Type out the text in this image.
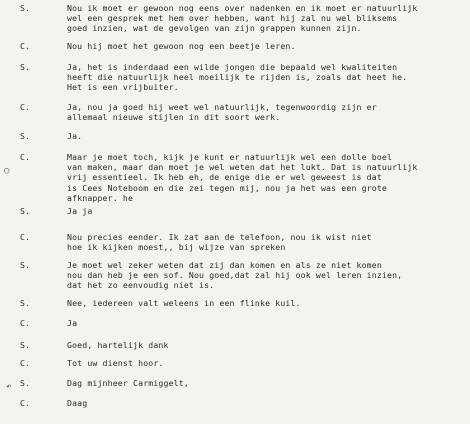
S.	Nou ik moet er gewoon nog eens over nadenken en ik moet er natuurlijk
wel een gesprek met hem over hebben, want hij zal nu wel bliksems
goed inzien, wat de gevolgen van zijn grappen kunnen zijn.
C.	Nou hij moet het gewoon nog een beetje leren.
S.	Ja, het is inderdaad een wilde jongen die bepaald wel kwaliteiten
heeft die natuurlijk heel moeilijk te rijden is, zoals dat heet he.
Het is een vrijbuiter.
C.	Ja, nou ja goed hij weet wel natuurlijk, tegenwoordig zijn er
allemaal nieuwe stijlen in dit soort werk.
S.	Ja.
C.	Maar je moet toch, kijk je kunt er natuurlijk wel een dolle boel
van maken, maar dan moet je wel weten dat het lukt. Dat is natuurlijk
vrij essentieel. Ik heb eh, de enige die er wel geweest is dat
is Cees Noteboom en die zei tegen mij, nou ja het was een grote
afknapper. he
S.	Ja ja
C.	Nou precies eender. Ik zat aan de telefoon, nou ik wist niet
hoe ik kijken moest,, bij wijze van spreken
S.	Je moet wel zeker weten dat zij dan komen en als ze niet komen
nou dan heb je een sof. Nou goed,dat zal hij ook wel leren inzien,
dat het zo eenvoudig niet is.
S.	Nee, iedereen valt weleens in een flinke kuil.
C.	Ja
S.	Goed, hartelijk dank
C.	Tot uw dienst hoor.
S.	Dag mijnheer Carmiggelt,
C.	Daag
○
↶
